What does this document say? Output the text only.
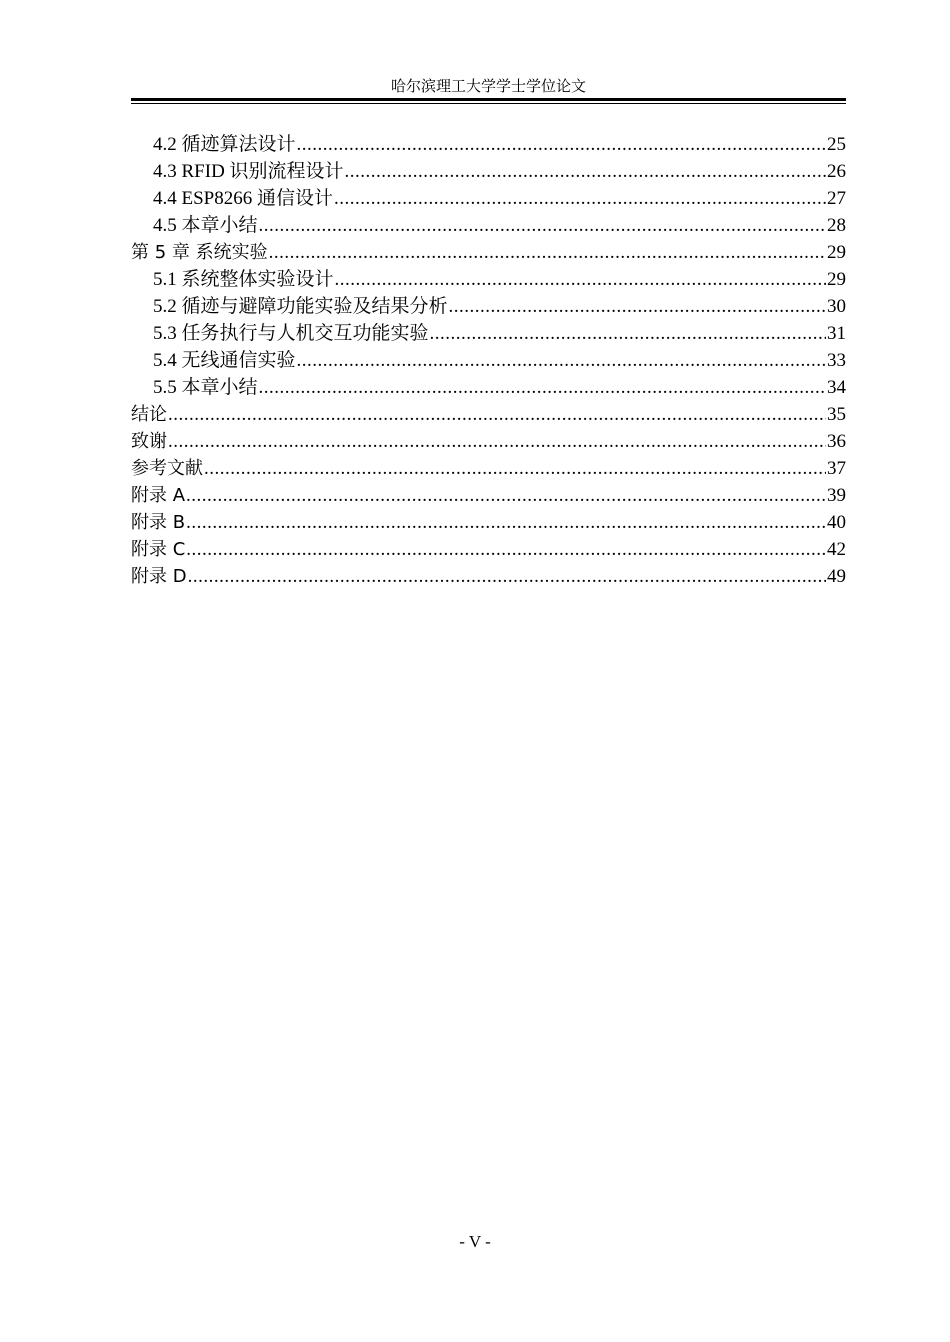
哈尔滨理工大学学士学位论文
4.2 循迹算法设计 .....	25
4.3 RFID 识别流程设计 .....	26
4.4 ESP8266 通信设计 .....	27
4.5 本章小结 .....	28
第 5 章 系统实验 .....	29
5.1 系统整体实验设计 .....	29
5.2 循迹与避障功能实验及结果分析 .....	30
5.3 任务执行与人机交互功能实验 .....	31
5.4 无线通信实验 .....	33
5.5 本章小结 .....	34
结论 .....	35
致谢 .....	36
参考文献 .....	37
附录 A .....	39
附录 B .....	40
附录 C .....	42
附录 D .....	49
- V -
